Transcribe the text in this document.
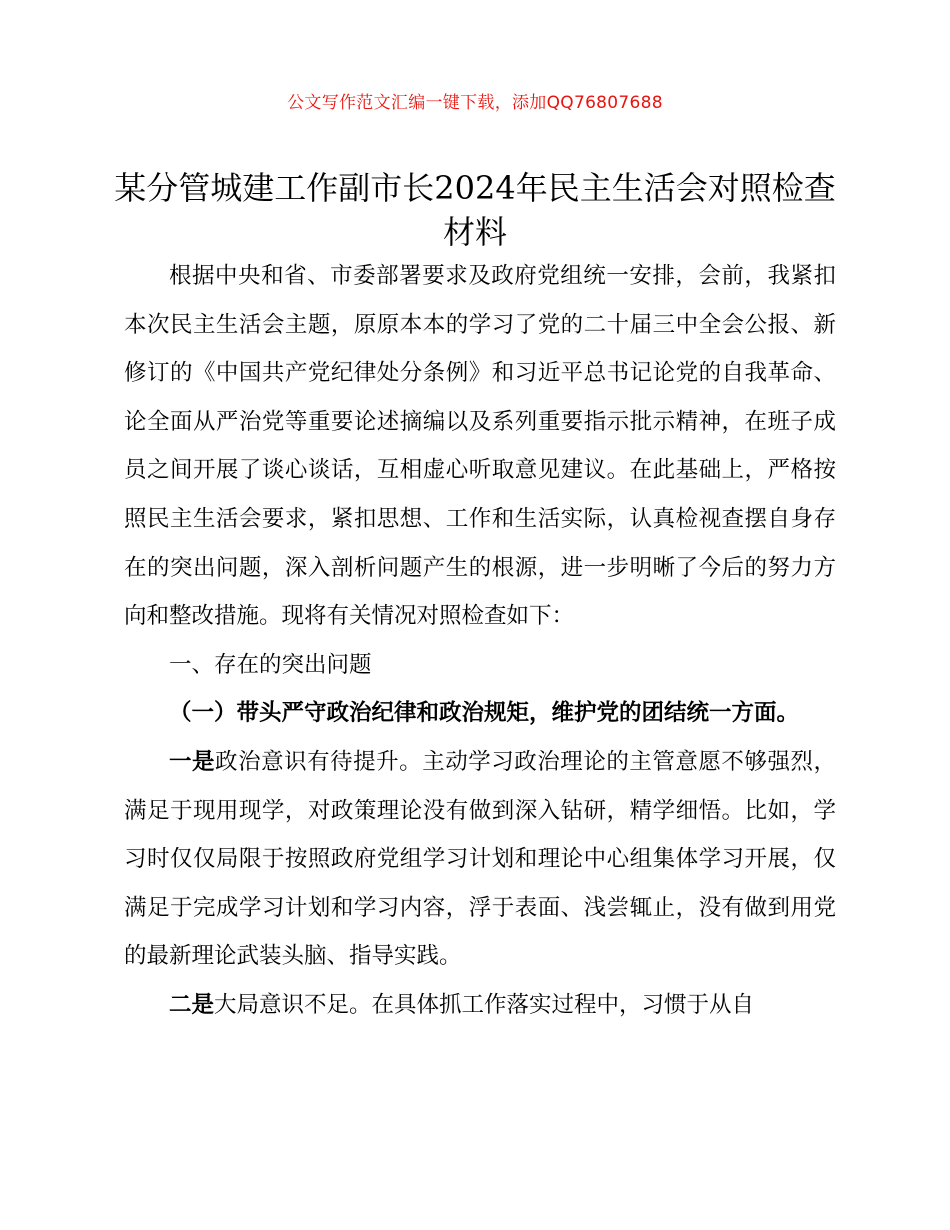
公文写作范文汇编一键下载，添加QQ76807688
某分管城建工作副市长2024年民主生活会对照检查材料

根据中央和省、市委部署要求及政府党组统一安排，会前，我紧扣本次民主生活会主题，原原本本的学习了党的二十届三中全会公报、新修订的《中国共产党纪律处分条例》和习近平总书记论党的自我革命、论全面从严治党等重要论述摘编以及系列重要指示批示精神，在班子成员之间开展了谈心谈话，互相虚心听取意见建议。在此基础上，严格按照民主生活会要求，紧扣思想、工作和生活实际，认真检视查摆自身存在的突出问题，深入剖析问题产生的根源，进一步明晰了今后的努力方向和整改措施。现将有关情况对照检查如下：

一、存在的突出问题

（一）带头严守政治纪律和政治规矩，维护党的团结统一方面。

一是政治意识有待提升。主动学习政治理论的主管意愿不够强烈，满足于现用现学，对政策理论没有做到深入钻研，精学细悟。比如，学习时仅仅局限于按照政府党组学习计划和理论中心组集体学习开展，仅满足于完成学习计划和学习内容，浮于表面、浅尝辄止，没有做到用党的最新理论武装头脑、指导实践。

二是大局意识不足。在具体抓工作落实过程中，习惯于从自
